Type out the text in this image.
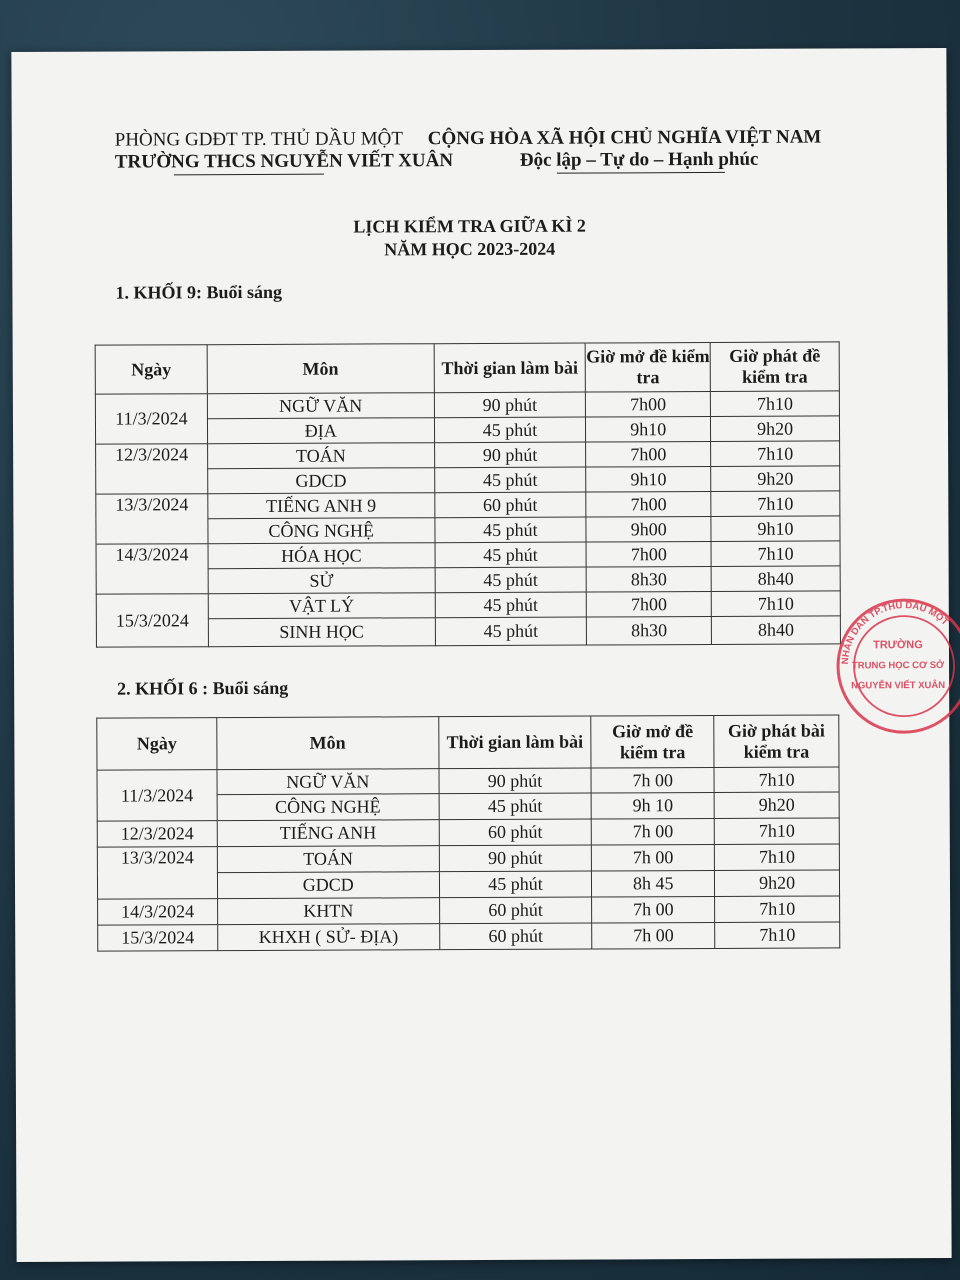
PHÒNG GDĐT TP. THỦ DẦU MỘT
TRƯỜNG THCS NGUYỄN VIẾT XUÂN
CỘNG HÒA XÃ HỘI CHỦ NGHĨA VIỆT NAM
Độc lập – Tự do – Hạnh phúc
LỊCH KIỂM TRA GIỮA KÌ 2
NĂM HỌC 2023-2024
1. KHỐI 9: Buổi sáng
Ngày	Môn	Thời gian làm bài	Giờ mở đề kiểm tra	Giờ phát đề kiểm tra
11/3/2024	NGỮ VĂN	90 phút	7h00	7h10
	ĐỊA	45 phút	9h10	9h20
12/3/2024	TOÁN	90 phút	7h00	7h10
	GDCD	45 phút	9h10	9h20
13/3/2024	TIẾNG ANH 9	60 phút	7h00	7h10
	CÔNG NGHỆ	45 phút	9h00	9h10
14/3/2024	HÓA HỌC	45 phút	7h00	7h10
	SỬ	45 phút	8h30	8h40
15/3/2024	VẬT LÝ	45 phút	7h00	7h10
	SINH HỌC	45 phút	8h30	8h40
2. KHỐI 6 : Buổi sáng
Ngày	Môn	Thời gian làm bài	Giờ mở đề kiểm tra	Giờ phát bài kiểm tra
11/3/2024	NGỮ VĂN	90 phút	7h 00	7h10
	CÔNG NGHỆ	45 phút	9h 10	9h20
12/3/2024	TIẾNG ANH	60 phút	7h 00	7h10
13/3/2024	TOÁN	90 phút	7h 00	7h10
	GDCD	45 phút	8h 45	9h20
14/3/2024	KHTN	60 phút	7h 00	7h10
15/3/2024	KHXH ( SỬ- ĐỊA)	60 phút	7h 00	7h10
NHÂN DÂN TP.THỦ DẦU MỘT
TRƯỜNG
TRUNG HỌC CƠ SỞ
NGUYỄN VIẾT XUÂN
